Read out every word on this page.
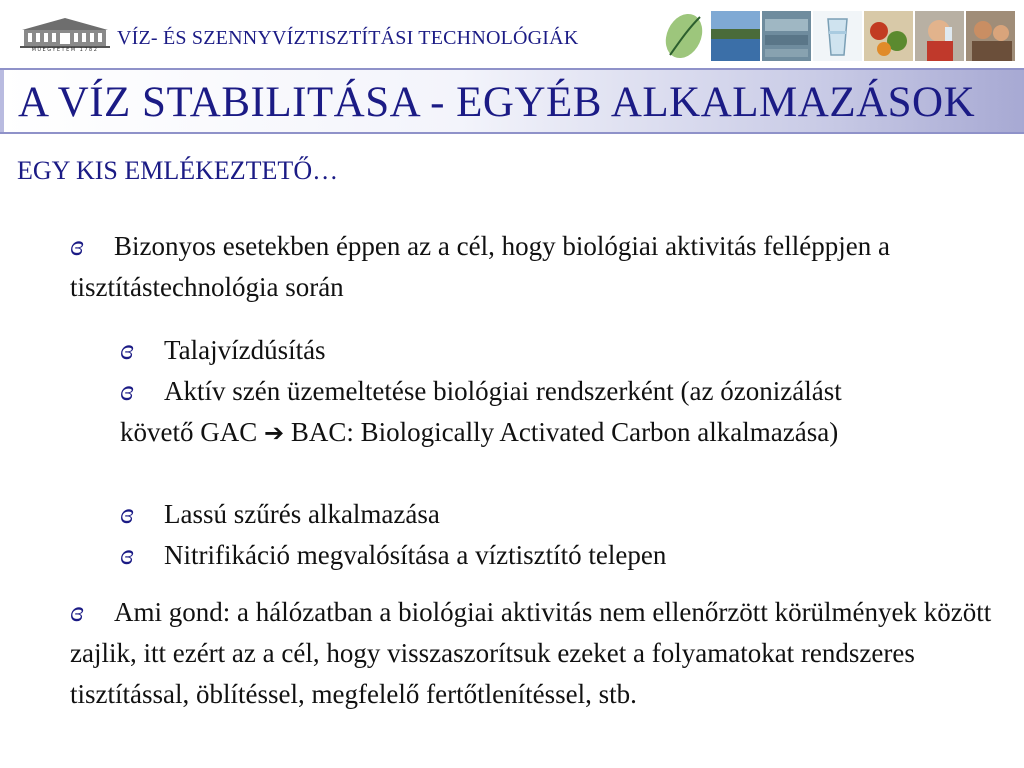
MŰEGYETEM 1782
VÍZ- ÉS SZENNYVÍZTISZTÍTÁSI TECHNOLÓGIÁK
A VÍZ STABILITÁSA - EGYÉB ALKALMAZÁSOK
EGY KIS EMLÉKEZTETŐ…
ɞ Bizonyos esetekben éppen az a cél, hogy biológiai aktivitás felléppjen a tisztítástechnológia során
ɞ Talajvízdúsítás
ɞ Aktív szén üzemeltetése biológiai rendszerként (az ózonizálást követő GAC ➔ BAC: Biologically Activated Carbon alkalmazása)
ɞ Lassú szűrés alkalmazása
ɞ Nitrifikáció megvalósítása a víztisztító telepen
ɞ Ami gond: a hálózatban a biológiai aktivitás nem ellenőrzött körülmények között zajlik, itt ezért az a cél, hogy visszaszorítsuk ezeket a folyamatokat rendszeres tisztítással, öblítéssel, megfelelő fertőtlenítéssel, stb.
